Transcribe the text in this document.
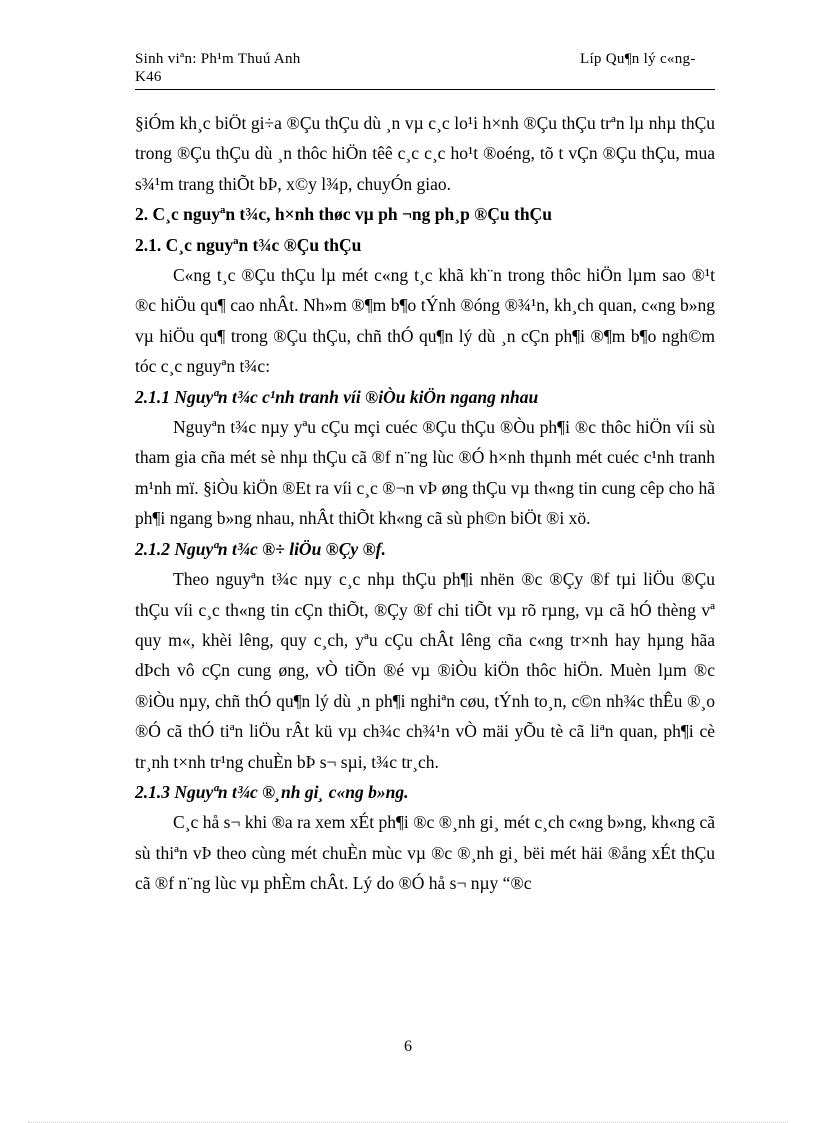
Sinh viªn: Ph¹m Thuú Anh	Líp Qu¶n lý c«ng-
K46

§iÓm kh¸c biÖt gi÷a ®Çu thÇu dù ¸n vµ c¸c lo¹i h×nh ®Çu thÇu trªn lµ nhµ thÇu trong ®Çu thÇu dù ¸n thôc hiÖn têê c¸c c¸c ho¹t ®oéng, tõ t vÇn ®Çu thÇu, mua s¾¹m trang thiÕt bÞ, x©y l¾p, chuyÓn giao.

2. C¸c nguyªn t¾c, h×nh thøc vµ ph ¬ng ph¸p ®Çu thÇu

2.1. C¸c nguyªn t¾c ®Çu thÇu

C«ng t¸c ®Çu thÇu lµ mét c«ng t¸c khã kh¨n trong thôc hiÖn lµm sao ®¹t ®c hiÖu qu¶ cao nhÂt. Nh»m ®¶m b¶o tÝnh ®óng ®¾¹n, kh¸ch quan, c«ng b»ng vµ hiÖu qu¶ trong ®Çu thÇu, chñ thÓ qu¶n lý dù ¸n cÇn ph¶i ®¶m b¶o ngh©m tóc c¸c nguyªn t¾c:

2.1.1 Nguyªn t¾c c¹nh tranh víi ®iÒu kiÖn ngang nhau

Nguyªn t¾c nµy yªu cÇu mçi cuéc ®Çu thÇu ®Òu ph¶i ®c thôc hiÖn víi sù tham gia cña mét sè nhµ thÇu cã ®f n¨ng lùc ®Ó h×nh thµnh mét cuéc c¹nh tranh m¹nh mï. §iÒu kiÖn ®Et ra víi c¸c ®¬n vÞ øng thÇu vµ th«ng tin cung cêp cho hã ph¶i ngang b»ng nhau, nhÂt thiÕt kh«ng cã sù ph©n biÖt ®i xö.

2.1.2 Nguyªn t¾c ®÷ liÖu ®Çy ®f.

Theo nguyªn t¾c nµy c¸c nhµ thÇu ph¶i nhën ®c ®Çy ®f tµi liÖu ®Çu thÇu víi c¸c th«ng tin cÇn thiÕt, ®Çy ®f chi tiÕt vµ rõ rµng, vµ cã hÓ thèng vª quy m«, khèi lêng, quy c¸ch, yªu cÇu chÂt lêng cña c«ng tr×nh hay hµng hãa dÞch vô cÇn cung øng, vÒ tiÕn ®é vµ ®iÒu kiÖn thôc hiÖn. Muèn lµm ®c ®iÒu nµy, chñ thÓ qu¶n lý dù ¸n ph¶i nghiªn cøu, tÝnh to¸n, c©n nh¾c thÊu ®¸o ®Ó cã thÓ tiªn liÖu rÂt kü vµ ch¾c ch¾¹n vÒ mäi yÕu tè cã liªn quan, ph¶i cè tr¸nh t×nh tr¹ng chuÈn bÞ s¬ sµi, t¾c tr¸ch.

2.1.3 Nguyªn t¾c ®¸nh gi¸ c«ng b»ng.

C¸c hå s¬ khi ®a ra xem xÉt ph¶i ®c ®¸nh gi¸ mét c¸ch c«ng b»ng, kh«ng cã sù thiªn vÞ theo cùng mét chuÈn mùc vµ ®c ®¸nh gi¸ bëi mét häi ®ång xÉt thÇu cã ®f n¨ng lùc vµ phÈm chÂt. Lý do ®Ó hå s¬ nµy “®c

6
